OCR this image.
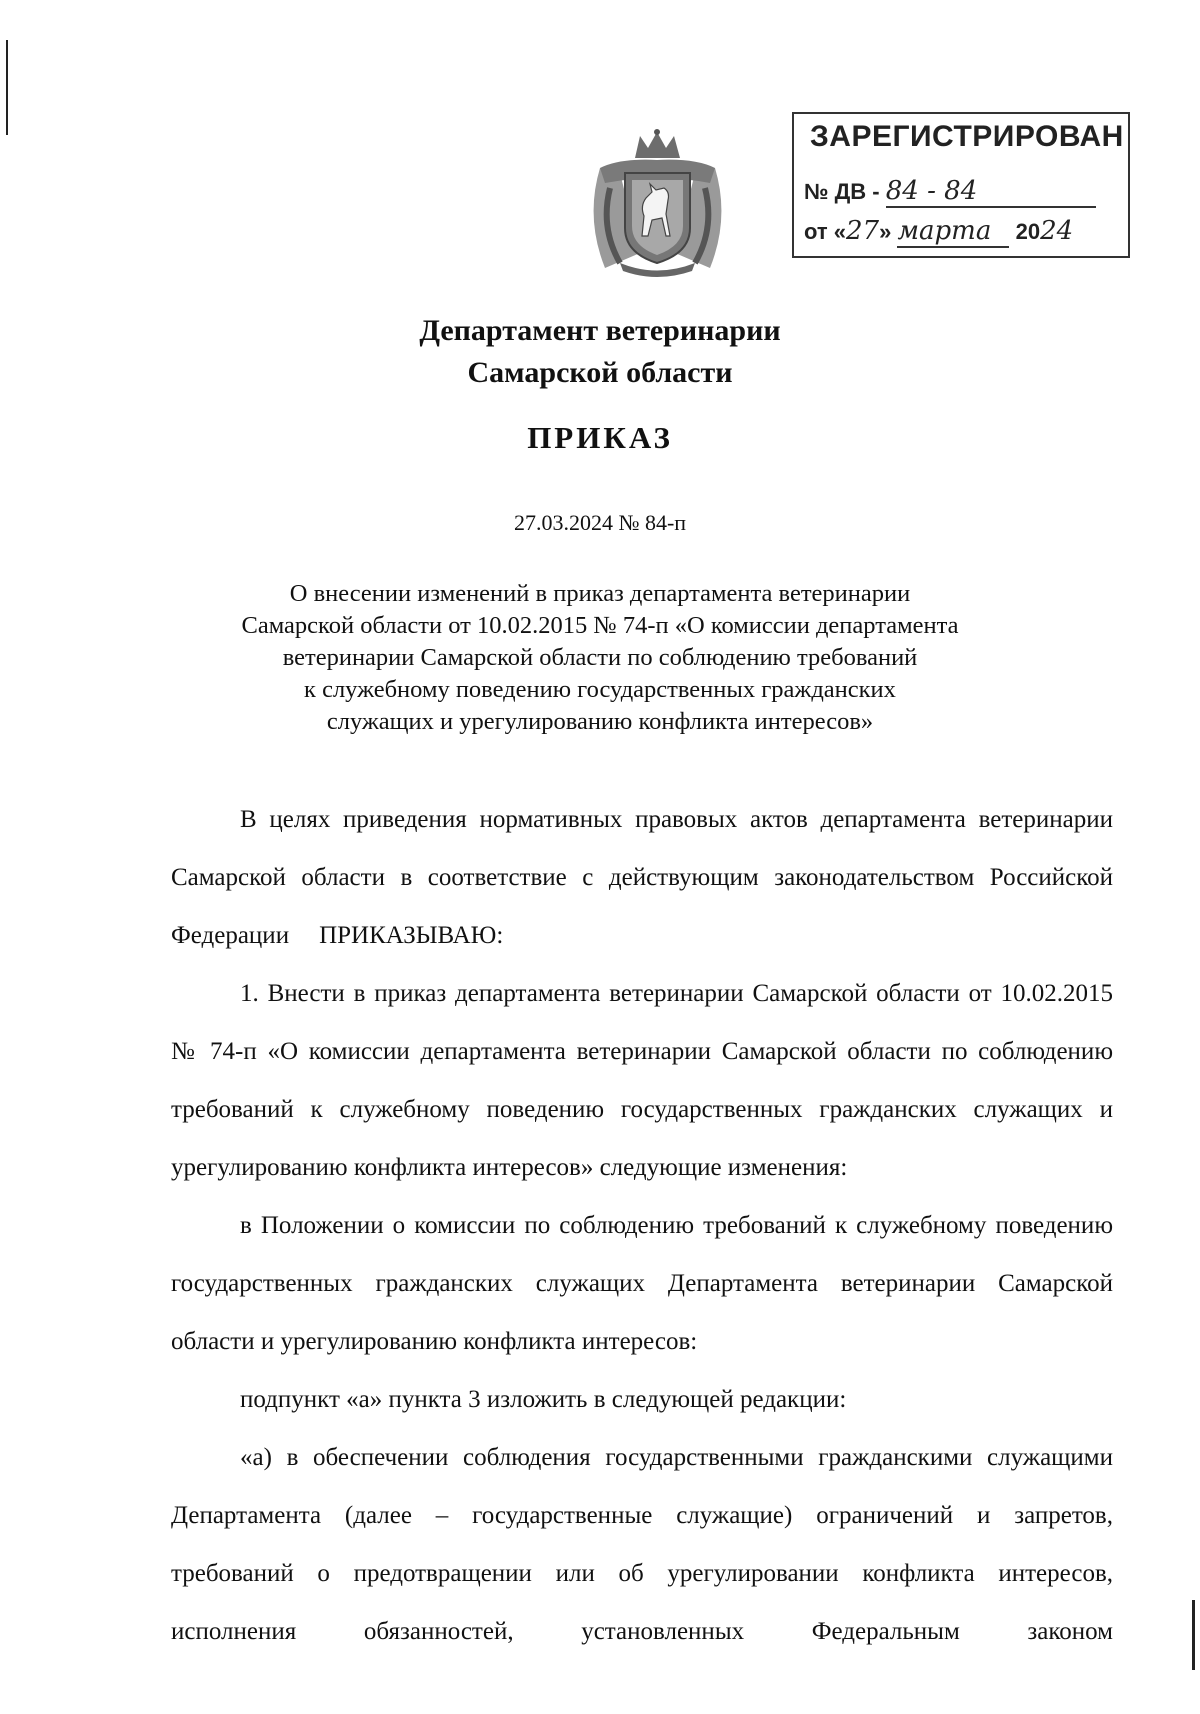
ЗАРЕГИСТРИРОВАН
№ ДВ - 84 - 84
от «27» марта 2024
Департамент ветеринарии
Самарской области
ПРИКАЗ
27.03.2024 № 84-п
О внесении изменений в приказ департамента ветеринарии
Самарской области от 10.02.2015 № 74-п «О комиссии департамента
ветеринарии Самарской области по соблюдению требований
к служебному поведению государственных гражданских
служащих и урегулированию конфликта интересов»

В целях приведения нормативных правовых актов департамента ветеринарии Самарской области в соответствие с действующим законодательством Российской Федерации ПРИКАЗЫВАЮ:

1. Внести в приказ департамента ветеринарии Самарской области от 10.02.2015 № 74-п «О комиссии департамента ветеринарии Самарской области по соблюдению требований к служебному поведению государственных гражданских служащих и урегулированию конфликта интересов» следующие изменения:

в Положении о комиссии по соблюдению требований к служебному поведению государственных гражданских служащих Департамента ветеринарии Самарской области и урегулированию конфликта интересов:

подпункт «а» пункта 3 изложить в следующей редакции:

«а) в обеспечении соблюдения государственными гражданскими служащими Департамента (далее – государственные служащие) ограничений и запретов, требований о предотвращении или об урегулировании конфликта интересов, исполнения обязанностей, установленных Федеральным законом
